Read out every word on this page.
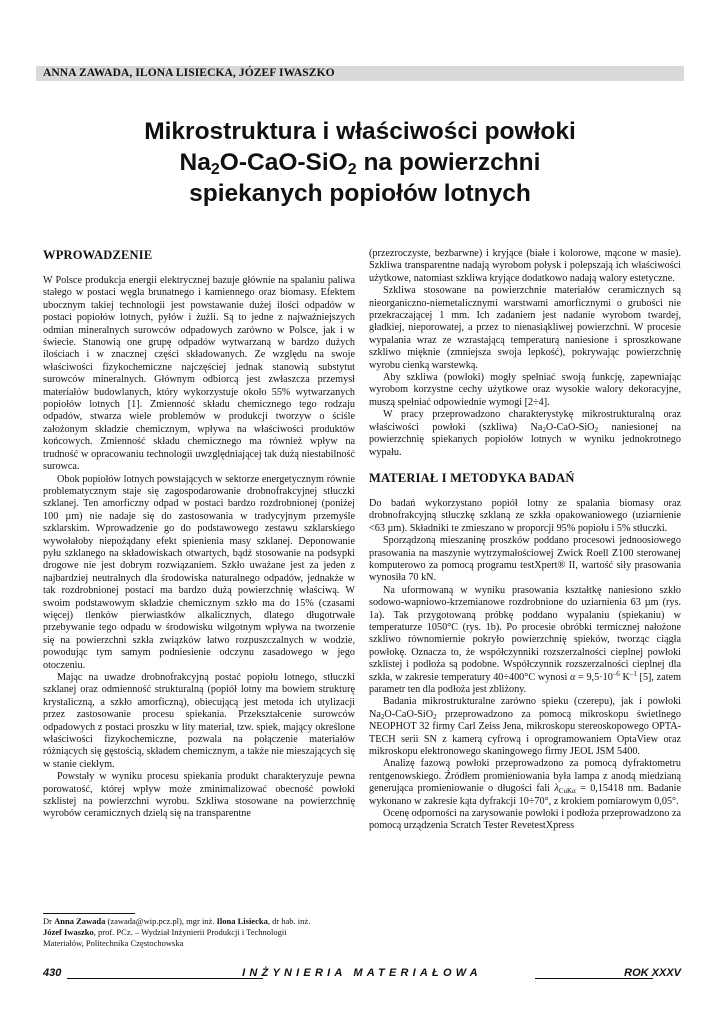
ANNA ZAWADA, ILONA LISIECKA, JÓZEF IWASZKO
Mikrostruktura i właściwości powłoki
$Na_2O-CaO-SiO_2$ na powierzchni
spiekanych popiołów lotnych
WPROWADZENIE

W Polsce produkcja energii elektrycznej bazuje głównie na spalaniu paliwa stałego w postaci węgla brunatnego i kamiennego oraz biomasy. Efektem ubocznym takiej technologii jest powstawanie dużej ilości odpadów w postaci popiołów lotnych, pyłów i żużli. Są to jedne z najważniejszych odmian mineralnych surowców odpadowych zarówno w Polsce, jak i w świecie. Stanowią one grupę odpadów wytwarzaną w bardzo dużych ilościach i w znacznej części składowanych. Ze względu na swoje właściwości fizykochemiczne najczęściej jednak stanowią substytut surowców mineralnych. Głównym odbiorcą jest zwłaszcza przemysł materiałów budowlanych, który wykorzystuje około 55% wytwarzanych popiołów lotnych [1]. Zmienność składu chemicznego tego rodzaju odpadów, stwarza wiele problemów w produkcji tworzyw o ściśle założonym składzie chemicznym, wpływa na właściwości produktów końcowych. Zmienność składu chemicznego ma również wpływ na trudność w opracowaniu technologii uwzględniającej tak dużą niestabilność surowca.

Obok popiołów lotnych powstających w sektorze energetycznym równie problematycznym staje się zagospodarowanie drobnofrakcyjnej stłuczki szklanej. Ten amorficzny odpad w postaci bardzo rozdrobnionej (poniżej 100 µm) nie nadaje się do zastosowania w tradycyjnym przemyśle szklarskim. Wprowadzenie go do podstawowego zestawu szklarskiego wywołałoby niepożądany efekt spienienia masy szklanej. Deponowanie pyłu szklanego na składowiskach otwartych, bądź stosowanie na podsypki drogowe nie jest dobrym rozwiązaniem. Szkło uważane jest za jeden z najbardziej neutralnych dla środowiska naturalnego odpadów, jednakże w tak rozdrobnionej postaci ma bardzo dużą powierzchnię właściwą. W swoim podstawowym składzie chemicznym szkło ma do 15% (czasami więcej) tlenków pierwiastków alkalicznych, dlatego długotrwałe przebywanie tego odpadu w środowisku wilgotnym wpływa na tworzenie się na powierzchni szkła związków łatwo rozpuszczalnych w wodzie, powodując tym samym podniesienie odczynu zasadowego w jego otoczeniu.

Mając na uwadze drobnofrakcyjną postać popiołu lotnego, stłuczki szklanej oraz odmienność strukturalną (popiół lotny ma bowiem strukturę krystaliczną, a szkło amorficzną), obiecującą jest metoda ich utylizacji przez zastosowanie procesu spiekania. Przekształcenie surowców odpadowych z postaci proszku w lity materiał, tzw. spiek, mający określone właściwości fizykochemiczne, pozwala na połączenie materiałów różniących się gęstością, składem chemicznym, a także nie mieszających się w stanie ciekłym.

Powstały w wyniku procesu spiekania produkt charakteryzuje pewna porowatość, której wpływ może zminimalizować obecność powłoki szklistej na powierzchni wyrobu. Szkliwa stosowane na powierzchnię wyrobów ceramicznych dzielą się na transparentne

(przezroczyste, bezbarwne) i kryjące (białe i kolorowe, mącone w masie). Szkliwa transparentne nadają wyrobom połysk i polepszają ich właściwości użytkowe, natomiast szkliwa kryjące dodatkowo nadają walory estetyczne.

Szkliwa stosowane na powierzchnie materiałów ceramicznych są nieorganiczno-niemetalicznymi warstwami amorficznymi o grubości nie przekraczającej 1 mm. Ich zadaniem jest nadanie wyrobom twardej, gładkiej, nieporowatej, a przez to nienasiąkliwej powierzchni. W procesie wypalania wraz ze wzrastającą temperaturą naniesione i sproszkowane szkliwo mięknie (zmniejsza swoja lepkość), pokrywając powierzchnię wyrobu cienką warstewką.

Aby szkliwa (powłoki) mogły spełniać swoją funkcję, zapewniając wyrobom korzystne cechy użytkowe oraz wysokie walory dekoracyjne, muszą spełniać odpowiednie wymogi [2÷4].

W pracy przeprowadzono charakterystykę mikrostrukturalną oraz właściwości powłoki (szkliwa) $Na_2O-CaO-SiO_2$ naniesionej na powierzchnię spiekanych popiołów lotnych w wyniku jednokrotnego wypału.

MATERIAŁ I METODYKA BADAŃ

Do badań wykorzystano popiół lotny ze spalania biomasy oraz drobnofrakcyjną stłuczkę szklaną ze szkła opakowaniowego (uziarnienie <63 µm). Składniki te zmieszano w proporcji 95% popiołu i 5% stłuczki.

Sporządzoną mieszaninę proszków poddano procesowi jednoosiowego prasowania na maszynie wytrzymałościowej Zwick Roell Z100 sterowanej komputerowo za pomocą programu testXpert® II, wartość siły prasowania wynosiła 70 kN.

Na uformowaną w wyniku prasowania kształtkę naniesiono szkło sodowo-wapniowo-krzemianowe rozdrobnione do uziarnienia 63 µm (rys. 1a). Tak przygotowaną próbkę poddano wypalaniu (spiekaniu) w temperaturze 1050°C (rys. 1b). Po procesie obróbki termicznej nałożone szkliwo równomiernie pokryło powierzchnię spieków, tworząc ciągła powłokę. Oznacza to, że współczynniki rozszerzalności cieplnej powłoki szklistej i podłoża są podobne. Współczynnik rozszerzalności cieplnej dla szkła, w zakresie temperatury 40÷400°C wynosi $\alpha = 9,5\cdot 10^{-6}$ $K^{-1}$ [5], zatem parametr ten dla podłoża jest zbliżony.

Badania mikrostrukturalne zarówno spieku (czerepu), jak i powłoki $Na_2O-CaO-SiO_2$ przeprowadzono za pomocą mikroskopu świetlnego NEOPHOT 32 firmy Carl Zeiss Jena, mikroskopu stereoskopowego OPTA-TECH serii SN z kamerą cyfrową i oprogramowaniem OptaView oraz mikroskopu elektronowego skaningowego firmy JEOL JSM 5400.

Analizę fazową powłoki przeprowadzono za pomocą dyfraktometru rentgenowskiego. Źródłem promieniowania była lampa z anodą miedzianą generująca promieniowanie o długości fali $\lambda_{CuK\alpha} = 0,15418$ nm. Badanie wykonano w zakresie kąta dyfrakcji 10÷70°, z krokiem pomiarowym 0,05°.

Ocenę odporności na zarysowanie powłoki i podłoża przeprowadzono za pomocą urządzenia Scratch Tester RevetestXpress

Dr Anna Zawada (zawada@wip.pcz.pl), mgr inż. Ilona Lisiecka, dr hab. inż.
Józef Iwaszko, prof. PCz. – Wydział Inżynierii Produkcji i Technologii
Materiałów, Politechnika Częstochowska
430	INŻYNIERIA MATERIAŁOWA	ROK XXXV
